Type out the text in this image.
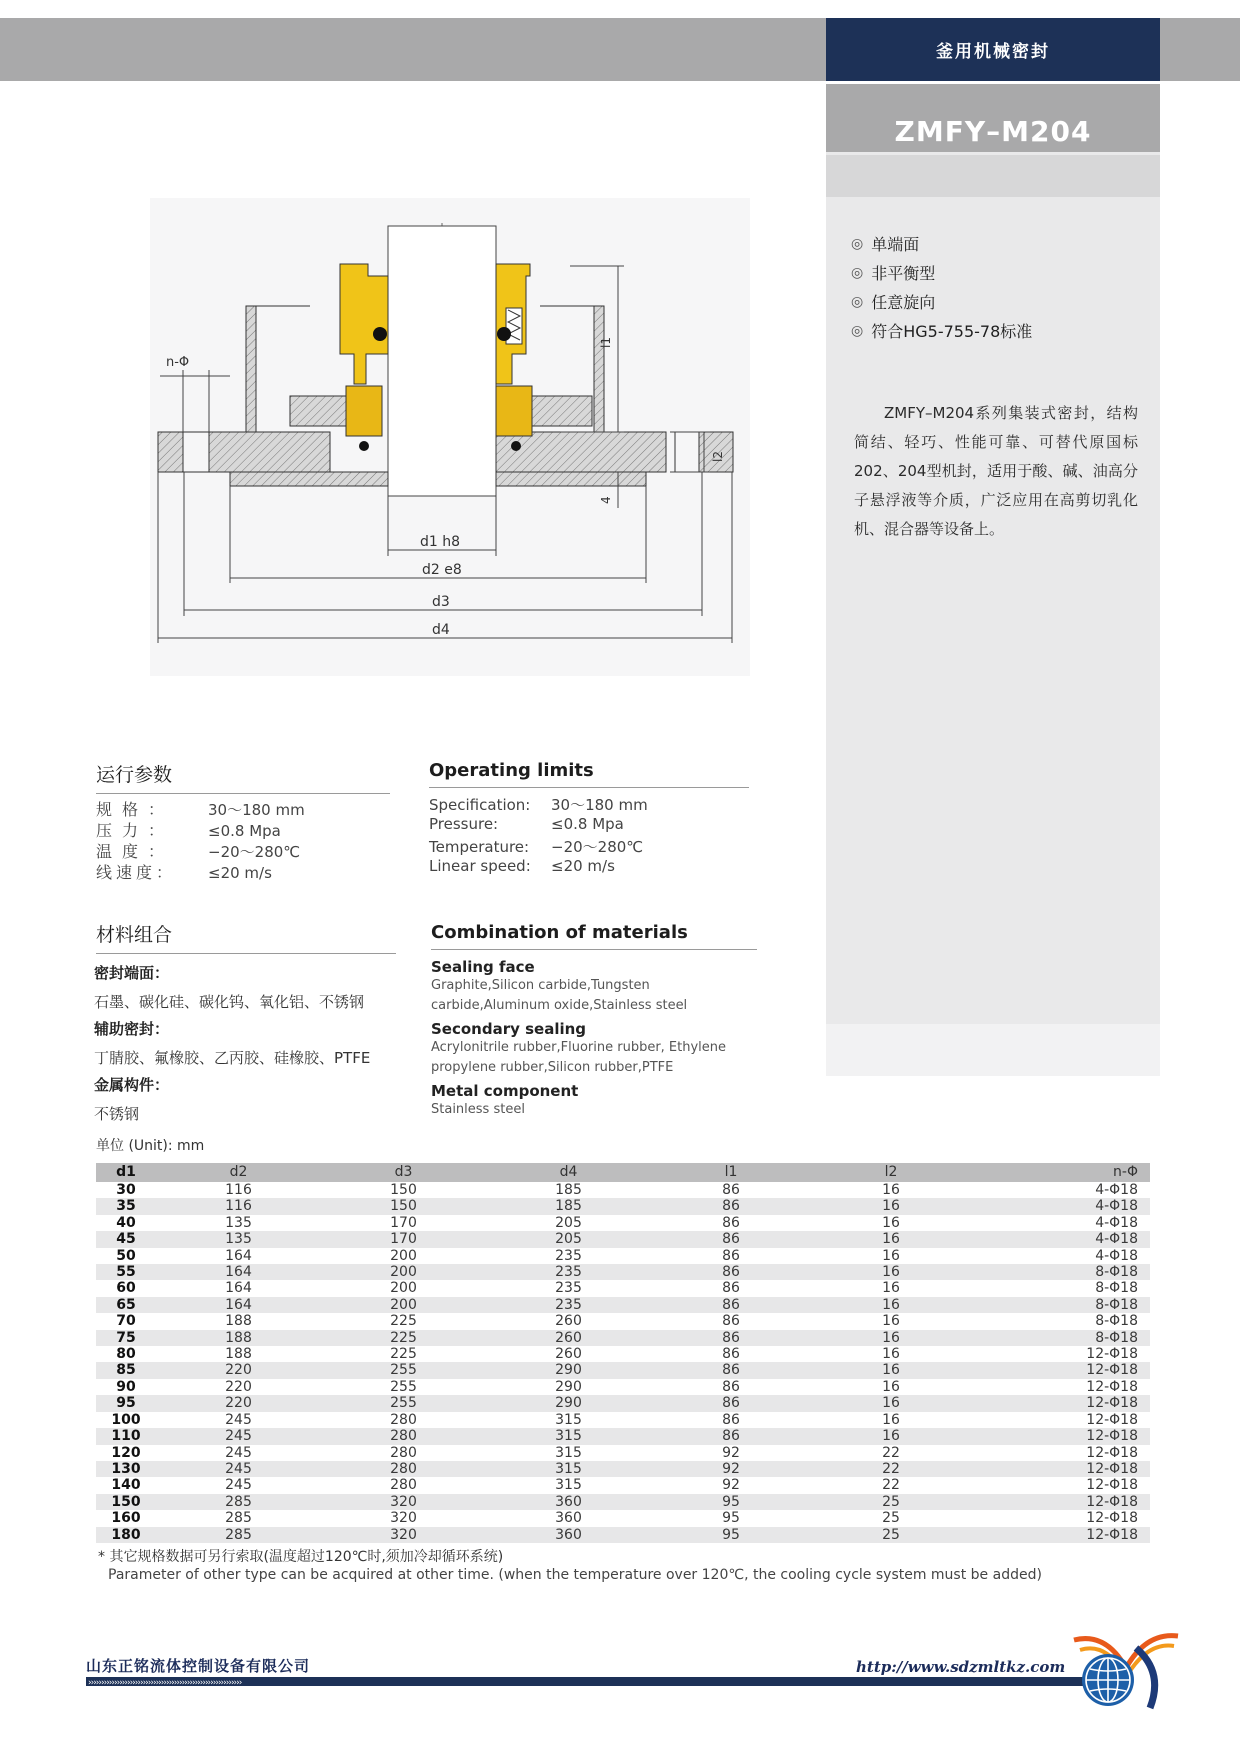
釜用机械密封
ZMFY–M204
◎ 单端面
◎ 非平衡型
◎ 任意旋向
◎ 符合HG5-755-78标准

ZMFY–M204系列集装式密封，结构简结、轻巧、性能可靠、可替代原国标202、204型机封，适用于酸、碱、油高分子悬浮液等介质，广泛应用在高剪切乳化机、混合器等设备上。

n-Φ
l1
l2
4
d1 h8
d2 e8
d3
d4
运行参数	Operating limits
规格： 30～180 mm
压力： ≤0.8 Mpa
温度： −20～280℃
线速度： ≤20 m/s
Specification: 30～180 mm
Pressure:	≤0.8 Mpa
Temperature: −20～280℃
Linear speed: ≤20 m/s
材料组合	Combination of materials
密封端面：
石墨、碳化硅、碳化钨、氧化铝、不锈钢
辅助密封：
丁腈胶、氟橡胶、乙丙胶、硅橡胶、PTFE
金属构件：
不锈钢
Sealing face
Graphite,Silicon carbide,Tungsten carbide,Aluminum oxide,Stainless steel
Secondary sealing
Acrylonitrile rubber,Fluorine rubber, Ethylene propylene rubber,Silicon rubber,PTFE
Metal component
Stainless steel
单位 (Unit): mm
d1	d2	d3	d4	l1	l2	n-Φ
30	116	150	185	86	16	4-Φ18
35	116	150	185	86	16	4-Φ18
40	135	170	205	86	16	4-Φ18
45	135	170	205	86	16	4-Φ18
50	164	200	235	86	16	4-Φ18
55	164	200	235	86	16	8-Φ18
60	164	200	235	86	16	8-Φ18
65	164	200	235	86	16	8-Φ18
70	188	225	260	86	16	8-Φ18
75	188	225	260	86	16	8-Φ18
80	188	225	260	86	16	12-Φ18
85	220	255	290	86	16	12-Φ18
90	220	255	290	86	16	12-Φ18
95	220	255	290	86	16	12-Φ18
100	245	280	315	86	16	12-Φ18
110	245	280	315	86	16	12-Φ18
120	245	280	315	92	22	12-Φ18
130	245	280	315	92	22	12-Φ18
140	245	280	315	92	22	12-Φ18
150	285	320	360	95	25	12-Φ18
160	285	320	360	95	25	12-Φ18
180	285	320	360	95	25	12-Φ18
* 其它规格数据可另行索取(温度超过120℃时,须加冷却循环系统)
Parameter of other type can be acquired at other time. (when the temperature over 120℃, the cooling cycle system must be added)
山东正铭流体控制设备有限公司
›››››››››››››››››››››››››››››››››››››››››››››››››››››››››››
http://www.sdzmltkz.com
